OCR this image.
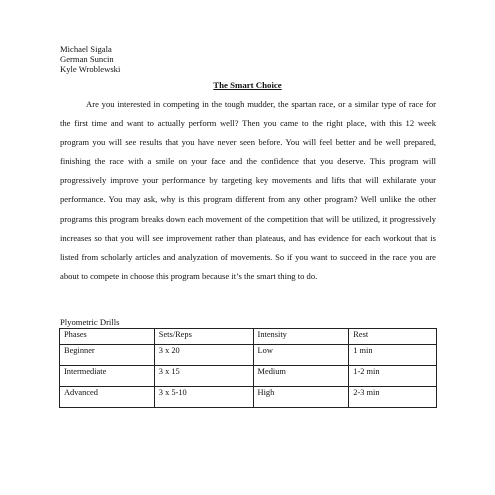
Michael Sigala
German Suncin
Kyle Wroblewski
The Smart Choice

Are you interested in competing in the tough mudder, the spartan race, or a similar type of race for the first time and want to actually perform well? Then you came to the right place, with this 12 week program you will see results that you have never seen before. You will feel better and be well prepared, finishing the race with a smile on your face and the confidence that you deserve. This program will progressively improve your performance by targeting key movements and lifts that will exhilarate your performance. You may ask, why is this program different from any other program? Well unlike the other programs this program breaks down each movement of the competition that will be utilized, it progressively increases so that you will see improvement rather than plateaus, and has evidence for each workout that is listed from scholarly articles and analyzation of movements. So if you want to succeed in the race you are about to compete in choose this program because it’s the smart thing to do.

Plyometric Drills
Phases	Sets/Reps	Intensity	Rest
Beginner	3 x 20	Low	1 min
Intermediate	3 x 15	Medium	1-2 min
Advanced	3 x 5-10	High	2-3 min
